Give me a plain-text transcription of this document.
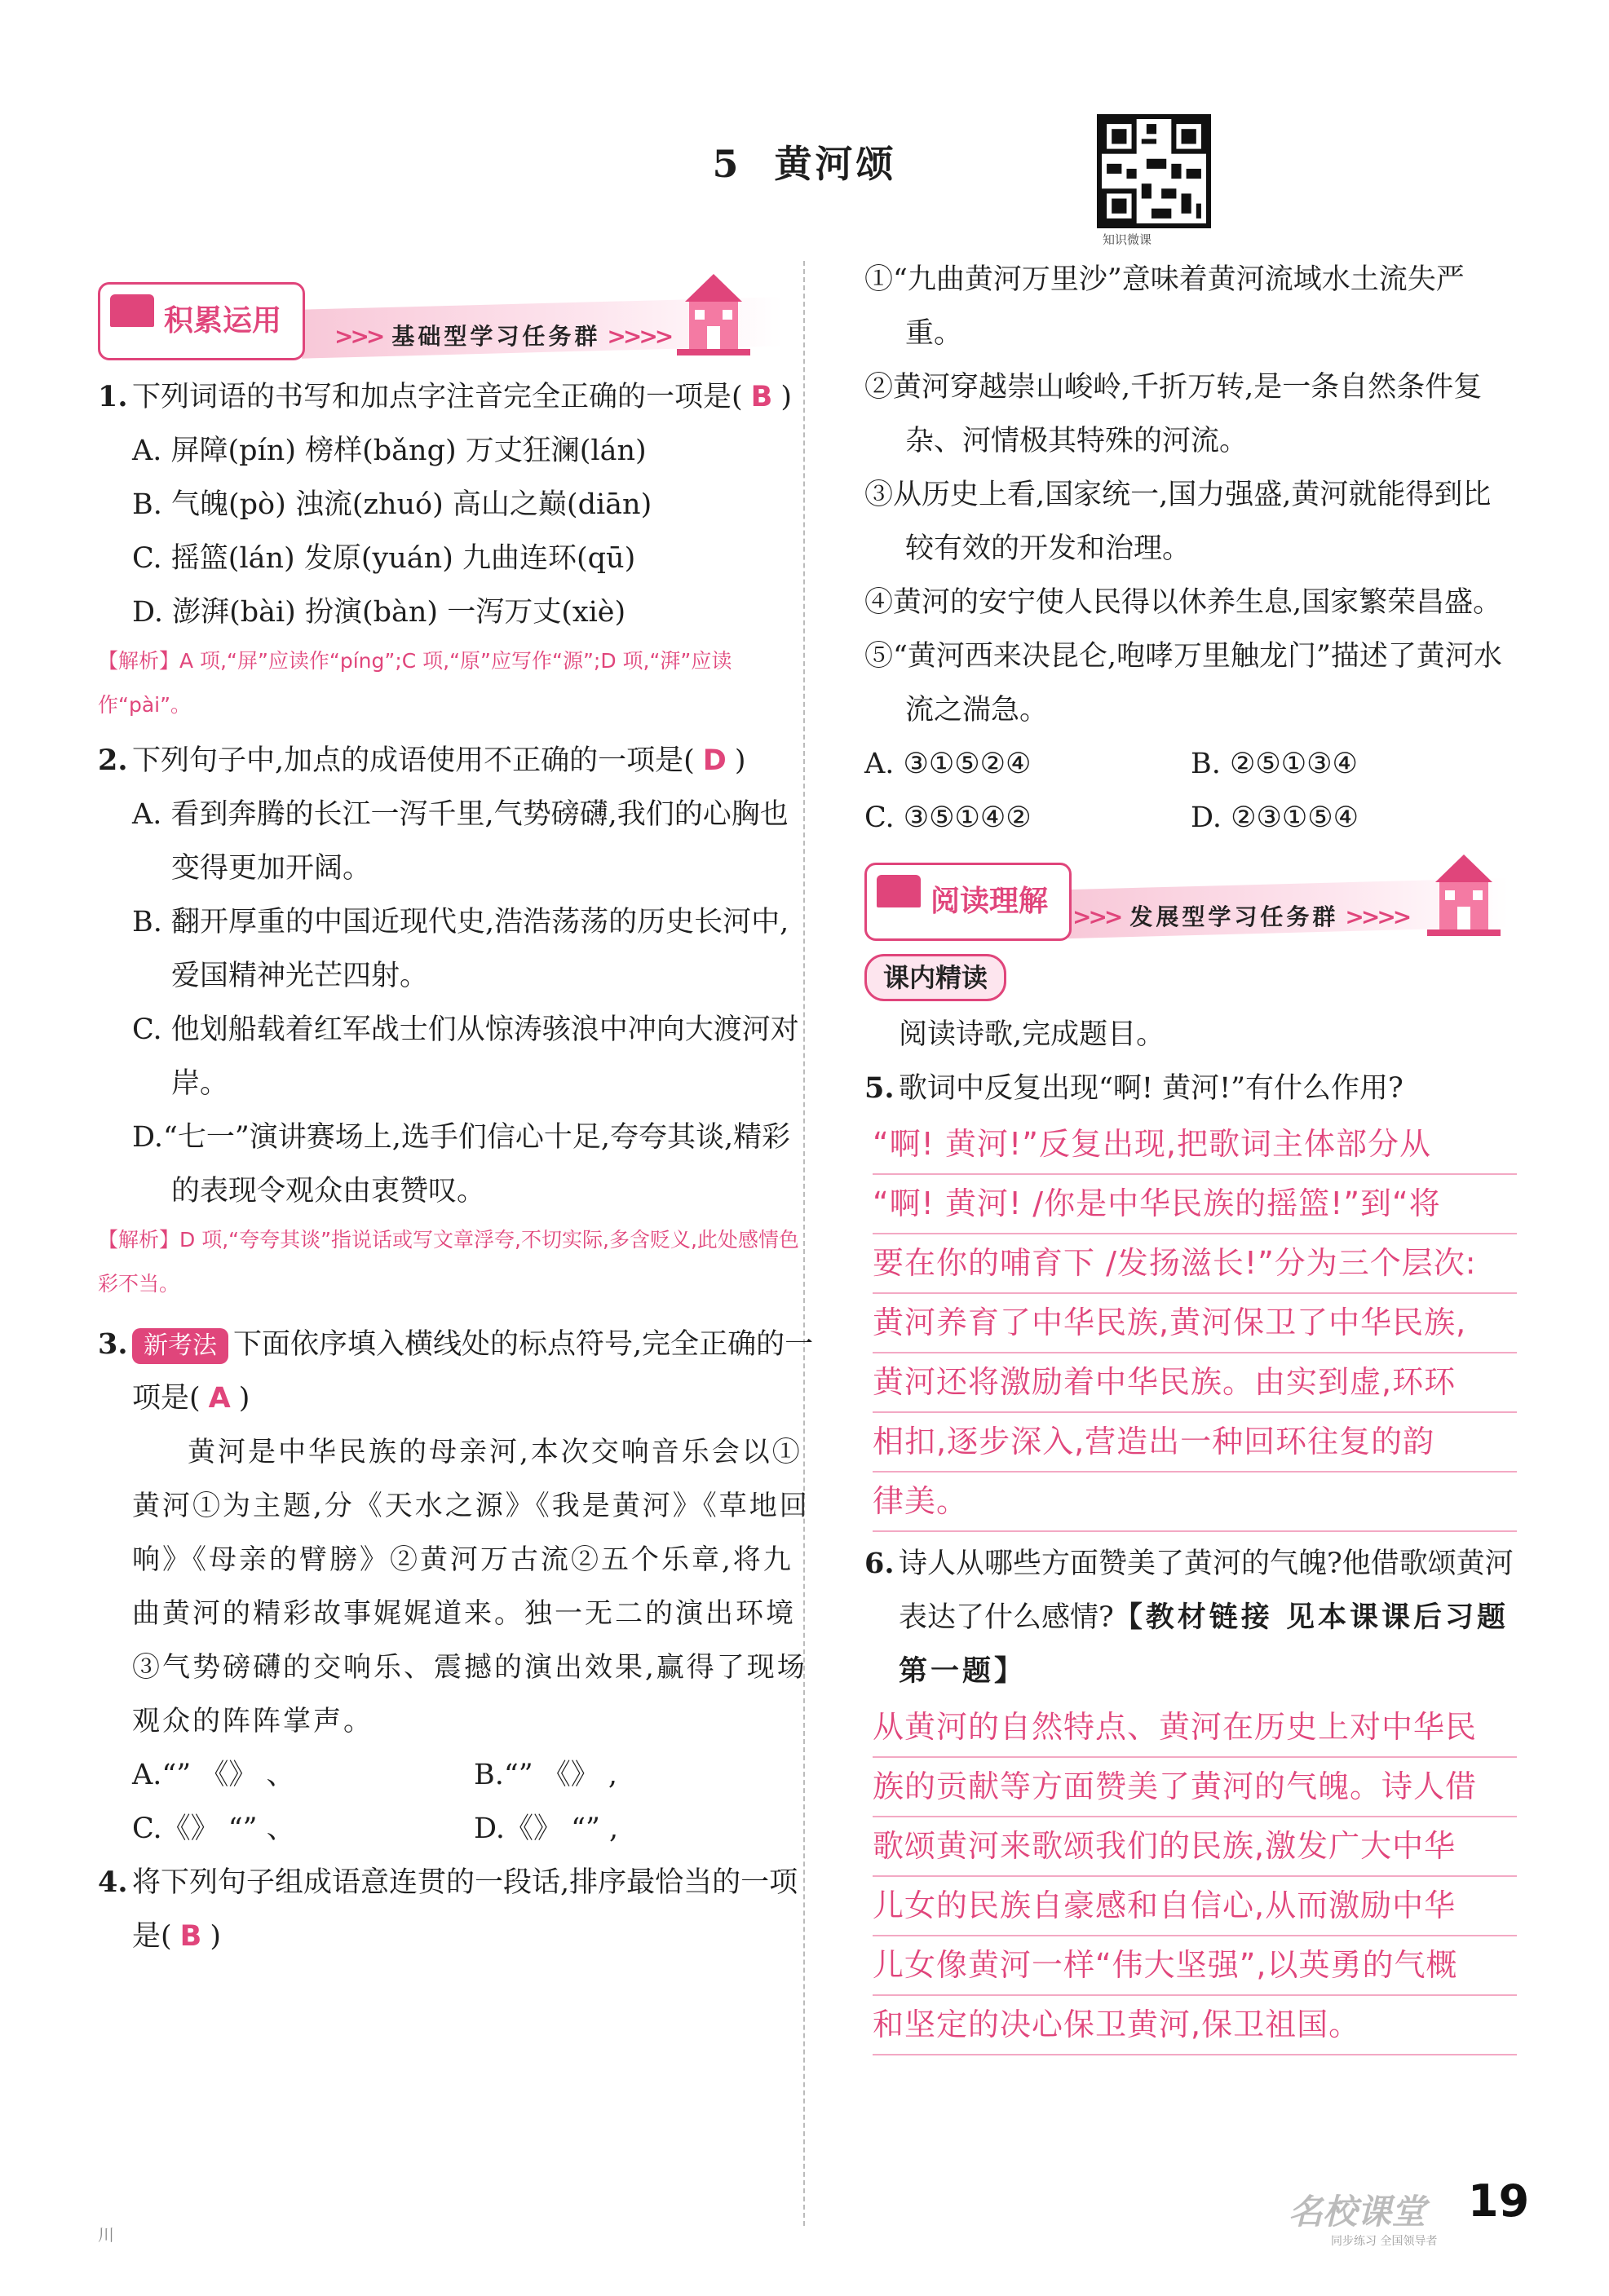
5 黄河颂
知识微课
积累运用	>>> 基础型学习任务群 >>>>
1. 下列词语的书写和加点字注音完全正确的一项是( B )
A. 屏障(pín) 榜样(bǎng) 万丈狂澜(lán)
B. 气魄(pò) 浊流(zhuó) 高山之巅(diān)
C. 摇篮(lán) 发原(yuán) 九曲连环(qū)
D. 澎湃(bài) 扮演(bàn) 一泻万丈(xiè)
【解析】A 项,“屏”应读作“píng”;C 项,“原”应写作“源”;D 项,“湃”应读作“pài”。
2. 下列句子中,加点的成语使用不正确的一项是( D )
A. 看到奔腾的长江一泻千里,气势磅礴,我们的心胸也变得更加开阔。
B. 翻开厚重的中国近现代史,浩浩荡荡的历史长河中,爱国精神光芒四射。
C. 他划船载着红军战士们从惊涛骇浪中冲向大渡河对岸。
D.“七一”演讲赛场上,选手们信心十足,夸夸其谈,精彩的表现令观众由衷赞叹。
【解析】D 项,“夸夸其谈”指说话或写文章浮夸,不切实际,多含贬义,此处感情色彩不当。
3. 新考法 下面依序填入横线处的标点符号,完全正确的一项是( A )
黄河是中华民族的母亲河,本次交响音乐会以①黄河①为主题,分《天水之源》《我是黄河》《草地回响》《母亲的臂膀》②黄河万古流②五个乐章,将九曲黄河的精彩故事娓娓道来。独一无二的演出环境③气势磅礴的交响乐、震撼的演出效果,赢得了现场观众的阵阵掌声。
A.“” 《》 、	B.“” 《》 ,
C.《》 “” 、	D.《》 “” ,
4. 将下列句子组成语意连贯的一段话,排序最恰当的一项是( B )
①“九曲黄河万里沙”意味着黄河流域水土流失严重。
②黄河穿越崇山峻岭,千折万转,是一条自然条件复杂、河情极其特殊的河流。
③从历史上看,国家统一,国力强盛,黄河就能得到比较有效的开发和治理。
④黄河的安宁使人民得以休养生息,国家繁荣昌盛。
⑤“黄河西来决昆仑,咆哮万里触龙门”描述了黄河水流之湍急。
A. ③①⑤②④	B. ②⑤①③④
C. ③⑤①④②	D. ②③①⑤④
阅读理解	>>> 发展型学习任务群 >>>>
课内精读
阅读诗歌,完成题目。
5. 歌词中反复出现“啊! 黄河!”有什么作用?
“啊! 黄河!”反复出现,把歌词主体部分从
“啊! 黄河! /你是中华民族的摇篮!”到“将
要在你的哺育下 /发扬滋长!”分为三个层次:
黄河养育了中华民族,黄河保卫了中华民族,
黄河还将激励着中华民族。由实到虚,环环
相扣,逐步深入,营造出一种回环往复的韵
律美。
6. 诗人从哪些方面赞美了黄河的气魄?他借歌颂黄河表达了什么感情?【教材链接 见本课课后习题第一题】
从黄河的自然特点、黄河在历史上对中华民
族的贡献等方面赞美了黄河的气魄。诗人借
歌颂黄河来歌颂我们的民族,激发广大中华
儿女的民族自豪感和自信心,从而激励中华
儿女像黄河一样“伟大坚强”,以英勇的气概
和坚定的决心保卫黄河,保卫祖国。
川
名校课堂
同步练习 全国领导者
19
